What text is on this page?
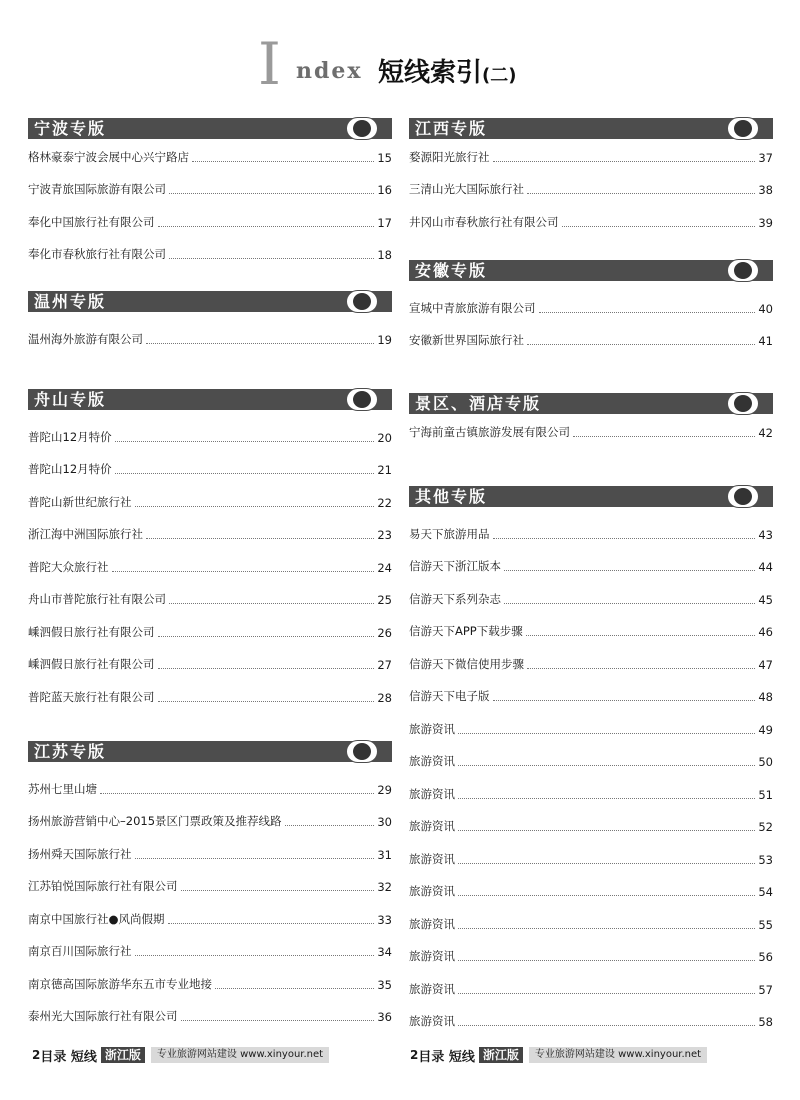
I ndex 短线索引(二)
宁波专版
格林豪泰宁波会展中心兴宁路店	15
宁波青旅国际旅游有限公司	16
奉化中国旅行社有限公司	17
奉化市春秋旅行社有限公司	18
温州专版
温州海外旅游有限公司	19
舟山专版
普陀山12月特价	20
普陀山12月特价	21
普陀山新世纪旅行社	22
浙江海中洲国际旅行社	23
普陀大众旅行社	24
舟山市普陀旅行社有限公司	25
嵊泗假日旅行社有限公司	26
嵊泗假日旅行社有限公司	27
普陀蓝天旅行社有限公司	28
江苏专版
苏州七里山塘	29
扬州旅游营销中心–2015景区门票政策及推荐线路	30
扬州舜天国际旅行社	31
江苏铂悦国际旅行社有限公司	32
南京中国旅行社●风尚假期	33
南京百川国际旅行社	34
南京德高国际旅游华东五市专业地接	35
泰州光大国际旅行社有限公司	36
江西专版
婺源阳光旅行社	37
三清山光大国际旅行社	38
井冈山市春秋旅行社有限公司	39
安徽专版
宣城中青旅旅游有限公司	40
安徽新世界国际旅行社	41
景区、酒店专版
宁海前童古镇旅游发展有限公司	42
其他专版
易天下旅游用品	43
信游天下浙江版本	44
信游天下系列杂志	45
信游天下APP下载步骤	46
信游天下微信使用步骤	47
信游天下电子版	48
旅游资讯	49
旅游资讯	50
旅游资讯	51
旅游资讯	52
旅游资讯	53
旅游资讯	54
旅游资讯	55
旅游资讯	56
旅游资讯	57
旅游资讯	58
2 目录 短线 浙江版	专业旅游网站建设 www.xinyour.net	2 目录 短线 浙江版	专业旅游网站建设 www.xinyour.net
